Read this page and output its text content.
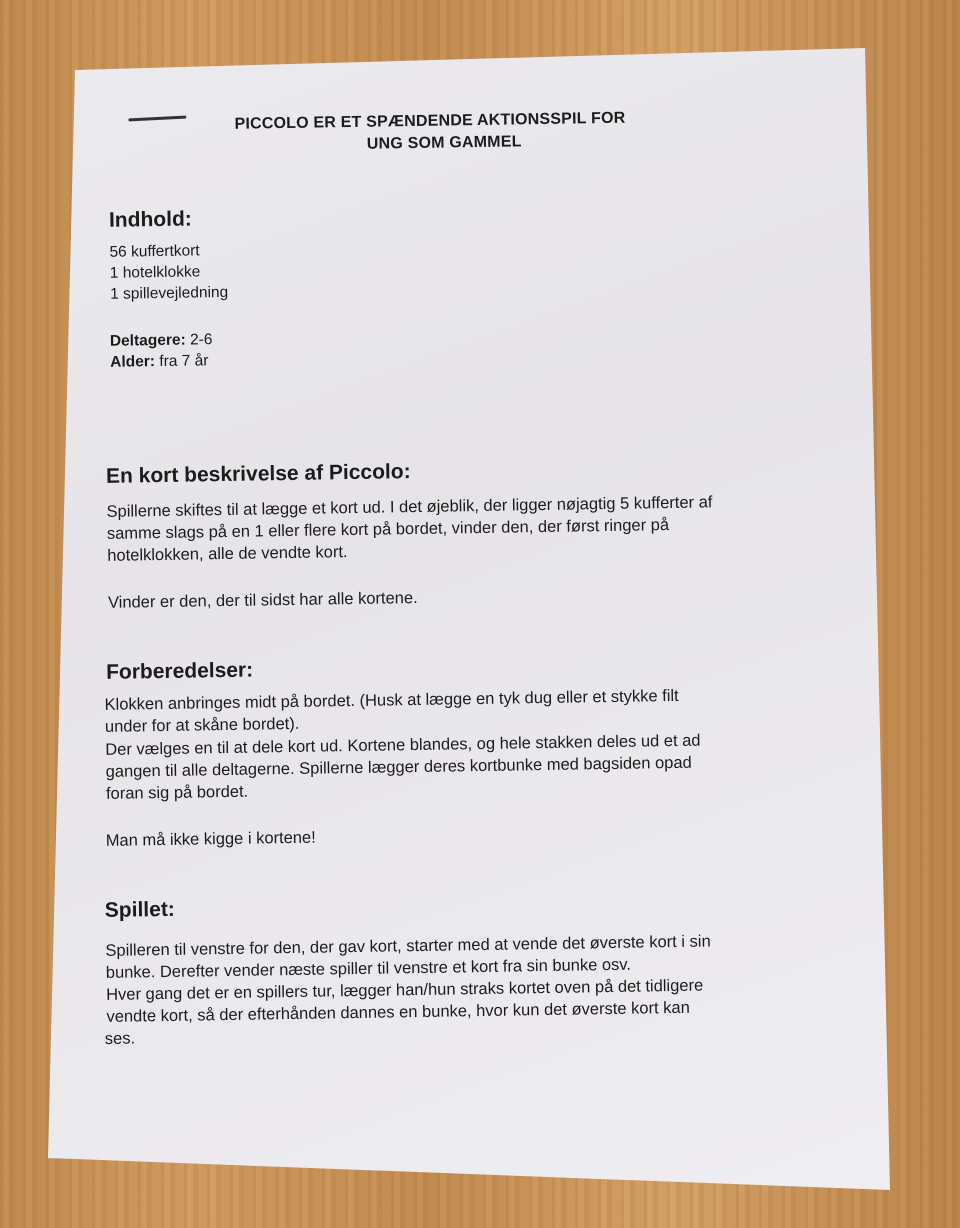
PICCOLO ER ET SPÆNDENDE AKTIONSSPIL FOR
UNG SOM GAMMEL
Indhold:
56 kuffertkort
1 hotelklokke
1 spillevejledning
Deltagere: 2-6
Alder: fra 7 år
En kort beskrivelse af Piccolo:
Spillerne skiftes til at lægge et kort ud. I det øjeblik, der ligger nøjagtig 5 kufferter af
samme slags på en 1 eller flere kort på bordet, vinder den, der først ringer på
hotelklokken, alle de vendte kort.
Vinder er den, der til sidst har alle kortene.
Forberedelser:
Klokken anbringes midt på bordet. (Husk at lægge en tyk dug eller et stykke filt
under for at skåne bordet).
Der vælges en til at dele kort ud. Kortene blandes, og hele stakken deles ud et ad
gangen til alle deltagerne. Spillerne lægger deres kortbunke med bagsiden opad
foran sig på bordet.
Man må ikke kigge i kortene!
Spillet:
Spilleren til venstre for den, der gav kort, starter med at vende det øverste kort i sin
bunke. Derefter vender næste spiller til venstre et kort fra sin bunke osv.
Hver gang det er en spillers tur, lægger han/hun straks kortet oven på det tidligere
vendte kort, så der efterhånden dannes en bunke, hvor kun det øverste kort kan
ses.
